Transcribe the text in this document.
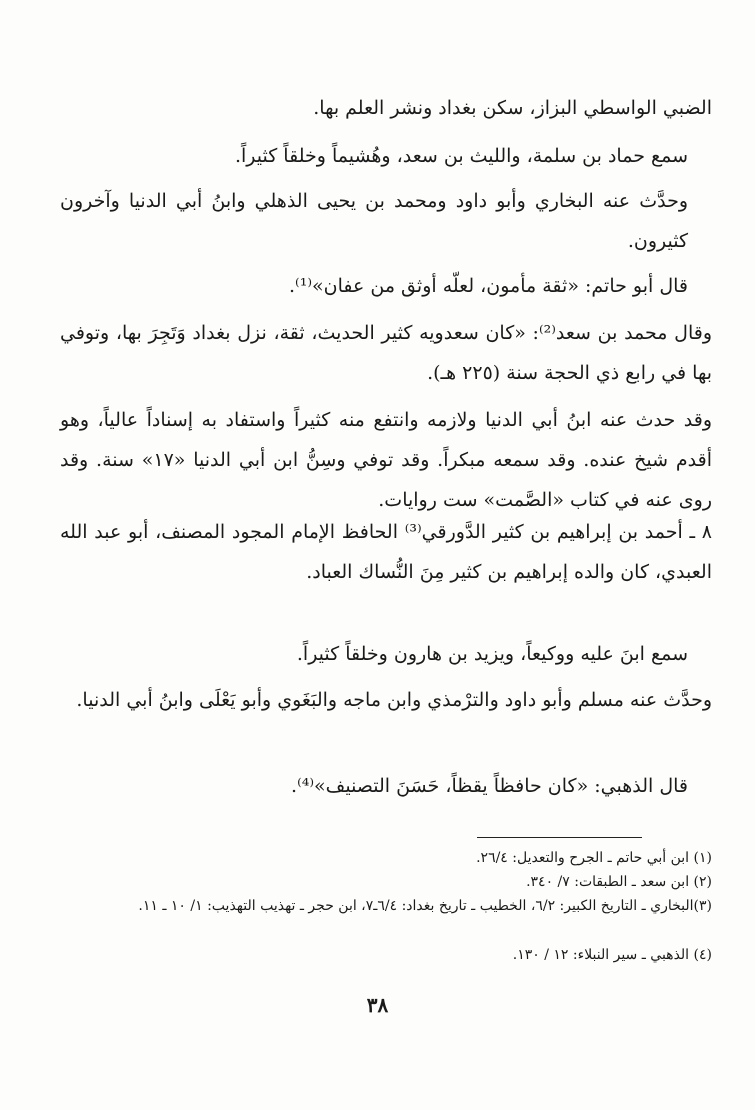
الضبي الواسطي البزاز، سكن بغداد ونشر العلم بها.

سمع حماد بن سلمة، والليث بن سعد، وهُشيماً وخلقاً كثيراً.

وحدَّث عنه البخاري وأبو داود ومحمد بن يحيى الذهلي وابنُ أبي الدنيا وآخرون كثيرون.

قال أبو حاتم: «ثقة مأمون، لعلّه أوثق من عفان»⁽¹⁾.

وقال محمد بن سعد⁽²⁾: «كان سعدويه كثير الحديث، ثقة، نزل بغداد وَتَجِرَ بها، وتوفي بها في رابع ذي الحجة سنة (٢٢٥ هـ).

وقد حدث عنه ابنُ أبي الدنيا ولازمه وانتفع منه كثيراً واستفاد به إسناداً عالياً، وهو أقدم شيخ عنده. وقد سمعه مبكراً. وقد توفي وسِنُّ ابن أبي الدنيا «١٧» سنة. وقد روى عنه في كتاب «الصَّمت» ست روايات.

٨ ـ أحمد بن إبراهيم بن كثير الدَّورقي⁽³⁾ الحافظ الإمام المجود المصنف، أبو عبد الله العبدي، كان والده إبراهيم بن كثير مِنَ النُّساك العباد.

سمع ابنَ عليه ووكيعاً، ويزيد بن هارون وخلقاً كثيراً.

وحدَّث عنه مسلم وأبو داود والترْمذي وابن ماجه والبَغَوي وأبو يَعْلَى وابنُ أبي الدنيا.

قال الذهبي: «كان حافظاً يقظاً، حَسَنَ التصنيف»⁽⁴⁾.

(١) ابن أبي حاتم ـ الجرح والتعديل: ٢٦/٤.

(٢) ابن سعد ـ الطبقات: ٧/ ٣٤٠.

(٣)البخاري ـ التاريخ الكبير: ٦/٢، الخطيب ـ تاريخ بغداد: ٦/٤ـ٧، ابن حجر ـ تهذيب التهذيب: ١/ ١٠ ـ ١١.

(٤) الذهبي ـ سير النبلاء: ١٢ / ١٣٠.

٣٨
